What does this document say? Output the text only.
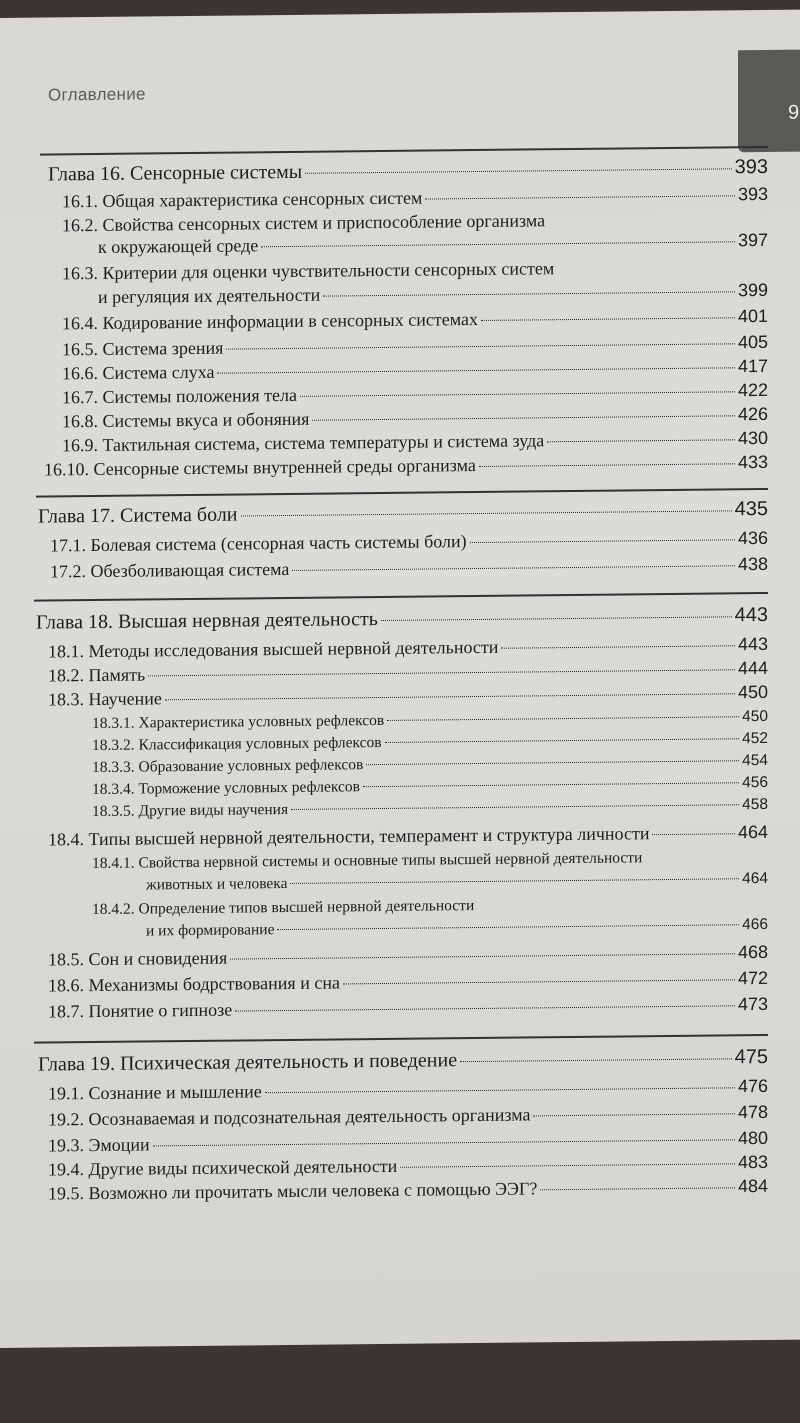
Оглавление
9
Глава 16. Сенсорные системы	393
16.1. Общая характеристика сенсорных систем	393
16.2. Свойства сенсорных систем и приспособление организма
к окружающей среде	397
16.3. Критерии для оценки чувствительности сенсорных систем
и регуляция их деятельности	399
16.4. Кодирование информации в сенсорных системах	401
16.5. Система зрения	405
16.6. Система слуха	417
16.7. Системы положения тела	422
16.8. Системы вкуса и обоняния	426
16.9. Тактильная система, система температуры и система зуда	430
16.10. Сенсорные системы внутренней среды организма	433
Глава 17. Система боли	435
17.1. Болевая система (сенсорная часть системы боли)	436
17.2. Обезболивающая система	438
Глава 18. Высшая нервная деятельность	443
18.1. Методы исследования высшей нервной деятельности	443
18.2. Память	444
18.3. Научение	450
18.3.1. Характеристика условных рефлексов	450
18.3.2. Классификация условных рефлексов	452
18.3.3. Образование условных рефлексов	454
18.3.4. Торможение условных рефлексов	456
18.3.5. Другие виды научения	458
18.4. Типы высшей нервной деятельности, темперамент и структура личности	464
18.4.1. Свойства нервной системы и основные типы высшей нервной деятельности
животных и человека	464
18.4.2. Определение типов высшей нервной деятельности
и их формирование	466
18.5. Сон и сновидения	468
18.6. Механизмы бодрствования и сна	472
18.7. Понятие о гипнозе	473
Глава 19. Психическая деятельность и поведение	475
19.1. Сознание и мышление	476
19.2. Осознаваемая и подсознательная деятельность организма	478
19.3. Эмоции	480
19.4. Другие виды психической деятельности	483
19.5. Возможно ли прочитать мысли человека с помощью ЭЭГ?	484
